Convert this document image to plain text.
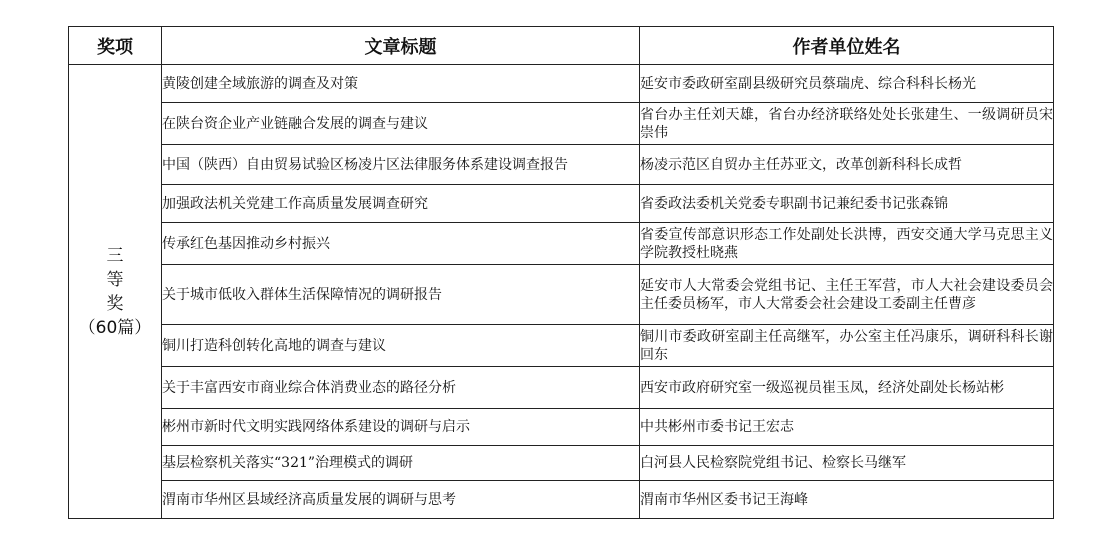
奖项	文章标题	作者单位姓名

三
等
奖
（60篇）	黄陵创建全域旅游的调查及对策	延安市委政研室副县级研究员蔡瑞虎、综合科科长杨光
	在陕台资企业产业链融合发展的调查与建议	省台办主任刘天雄，省台办经济联络处处长张建生、一级调研员宋崇伟
	中国（陕西）自由贸易试验区杨凌片区法律服务体系建设调查报告	杨凌示范区自贸办主任苏亚文，改革创新科科长成哲
	加强政法机关党建工作高质量发展调查研究	省委政法委机关党委专职副书记兼纪委书记张森锦
	传承红色基因推动乡村振兴	省委宣传部意识形态工作处副处长洪博，西安交通大学马克思主义学院教授杜晓燕
	关于城市低收入群体生活保障情况的调研报告	延安市人大常委会党组书记、主任王军营，市人大社会建设委员会主任委员杨军，市人大常委会社会建设工委副主任曹彦
	铜川打造科创转化高地的调查与建议	铜川市委政研室副主任高继军，办公室主任冯康乐，调研科科长谢回东
	关于丰富西安市商业综合体消费业态的路径分析	西安市政府研究室一级巡视员崔玉凤，经济处副处长杨站彬
	彬州市新时代文明实践网络体系建设的调研与启示	中共彬州市委书记王宏志
	基层检察机关落实“321”治理模式的调研	白河县人民检察院党组书记、检察长马继军
	渭南市华州区县域经济高质量发展的调研与思考	渭南市华州区委书记王海峰
